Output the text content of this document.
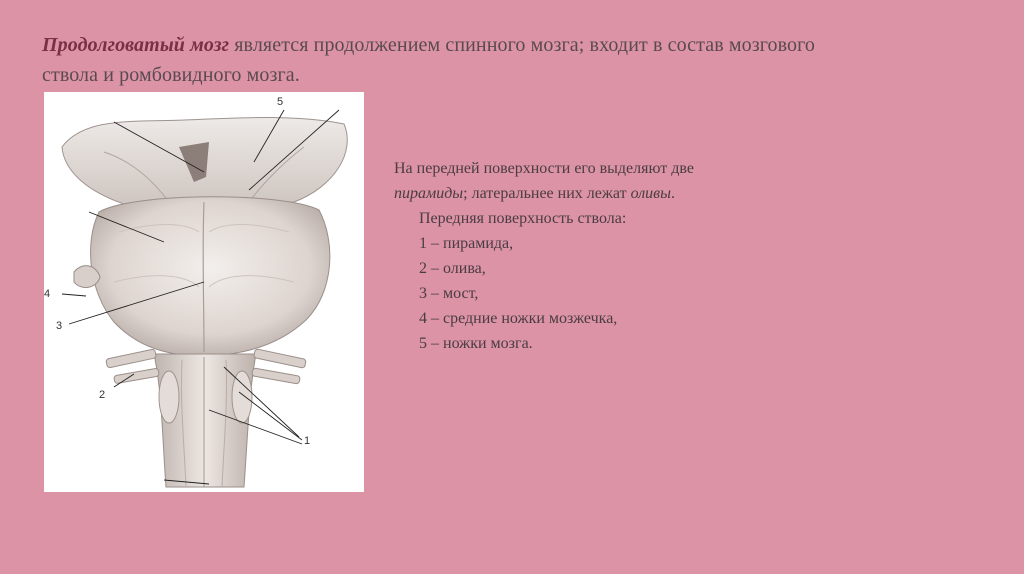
Продолговатый мозг является продолжением спинного мозга; входит в состав мозгового ствола и ромбовидного мозга.
5
4
3
2
1

На передней поверхности его выделяют две
пирамиды; латеральнее них лежат оливы.

Передняя поверхность ствола:

1 – пирамида,

2 – олива,

3 – мост,

4 – средние ножки мозжечка,

5 – ножки мозга.
